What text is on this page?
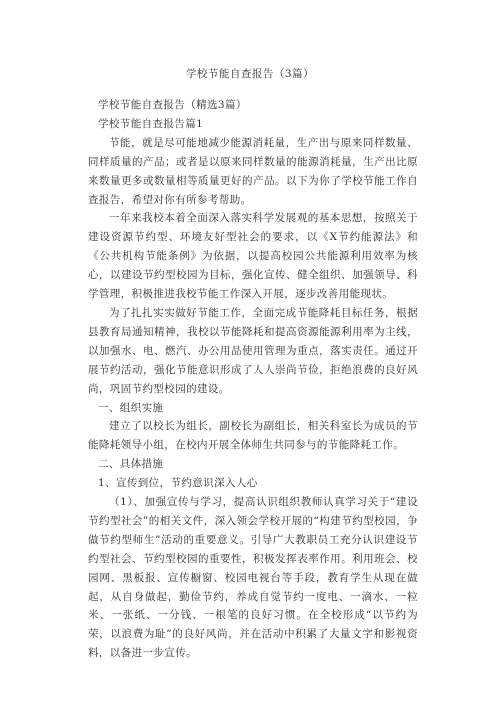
学校节能自查报告（3篇）

学校节能自查报告（精选3篇）

学校节能自查报告篇1

节能，就是尽可能地减少能源消耗量，生产出与原来同样数量、同样质量的产品；或者是以原来同样数量的能源消耗量，生产出比原来数量更多或数量相等质量更好的产品。以下为你了学校节能工作自查报告，希望对你有所参考帮助。

一年来我校本着全面深入落实科学发展观的基本思想，按照关于建设资源节约型、环境友好型社会的要求，以《X节约能源法》和《公共机构节能条例》为依据，以提高校园公共能源利用效率为核心，以建设节约型校园为目标，强化宣传、健全组织、加强领导、科学管理，积极推进我校节能工作深入开展，逐步改善用能现状。

为了扎扎实实做好节能工作，全面完成节能降耗目标任务，根据县教育局通知精神，我校以节能降耗和提高资源能源利用率为主线，以加强水、电、燃汽、办公用品使用管理为重点，落实责任。通过开展节约活动，强化节能意识形成了人人崇尚节俭，拒绝浪费的良好风尚，巩固节约型校园的建设。

一、组织实施

建立了以校长为组长，副校长为副组长，相关科室长为成员的节能降耗领导小组，在校内开展全体师生共同参与的节能降耗工作。

二、具体措施

1、宣传到位，节约意识深入人心

（1）、加强宣传与学习，提高认识组织教师认真学习关于“建设节约型社会”的相关文件，深入领会学校开展的“构建节约型校园，争做节约型师生”活动的重要意义。引导广大教职员工充分认识建设节约型社会、节约型校园的重要性，积极发挥表率作用。利用班会、校园网、黑板报、宣传橱窗、校园电视台等手段，教育学生从现在做起，从自身做起，勤俭节约，养成自觉节约一度电、一滴水、一粒米、一张纸、一分钱、一根笔的良好习惯。在全校形成“以节约为荣，以浪费为耻”的良好风尚，并在活动中积累了大量文字和影视资料，以备进一步宣传。
